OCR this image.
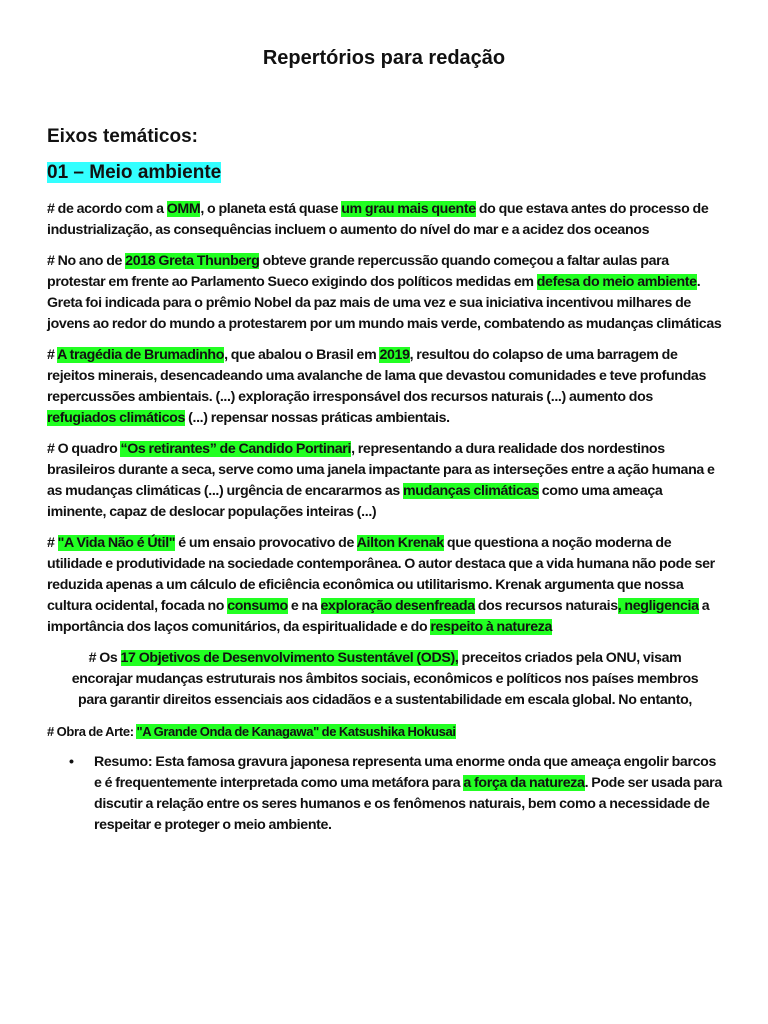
Repertórios para redação
Eixos temáticos:
01 – Meio ambiente
# de acordo com a OMM, o planeta está quase um grau mais quente do que estava antes do processo de industrialização, as consequências incluem o aumento do nível do mar e a acidez dos oceanos
# No ano de 2018 Greta Thunberg obteve grande repercussão quando começou a faltar aulas para protestar em frente ao Parlamento Sueco exigindo dos políticos medidas em defesa do meio ambiente. Greta foi indicada para o prêmio Nobel da paz mais de uma vez e sua iniciativa incentivou milhares de jovens ao redor do mundo a protestarem por um mundo mais verde, combatendo as mudanças climáticas
# A tragédia de Brumadinho, que abalou o Brasil em 2019, resultou do colapso de uma barragem de rejeitos minerais, desencadeando uma avalanche de lama que devastou comunidades e teve profundas repercussões ambientais. (...) exploração irresponsável dos recursos naturais (...) aumento dos refugiados climáticos (...) repensar nossas práticas ambientais.
# O quadro “Os retirantes” de Candido Portinari, representando a dura realidade dos nordestinos brasileiros durante a seca, serve como uma janela impactante para as interseções entre a ação humana e as mudanças climáticas (...) urgência de encararmos as mudanças climáticas como uma ameaça iminente, capaz de deslocar populações inteiras (...)
# "A Vida Não é Útil" é um ensaio provocativo de Ailton Krenak que questiona a noção moderna de utilidade e produtividade na sociedade contemporânea. O autor destaca que a vida humana não pode ser reduzida apenas a um cálculo de eficiência econômica ou utilitarismo. Krenak argumenta que nossa cultura ocidental, focada no consumo e na exploração desenfreada dos recursos naturais, negligencia a importância dos laços comunitários, da espiritualidade e do respeito à natureza
# Os 17 Objetivos de Desenvolvimento Sustentável (ODS), preceitos criados pela ONU, visam encorajar mudanças estruturais nos âmbitos sociais, econômicos e políticos nos países membros para garantir direitos essenciais aos cidadãos e a sustentabilidade em escala global. No entanto,
# Obra de Arte: "A Grande Onda de Kanagawa" de Katsushika Hokusai
•	Resumo: Esta famosa gravura japonesa representa uma enorme onda que ameaça engolir barcos e é frequentemente interpretada como uma metáfora para a força da natureza. Pode ser usada para discutir a relação entre os seres humanos e os fenômenos naturais, bem como a necessidade de respeitar e proteger o meio ambiente.
